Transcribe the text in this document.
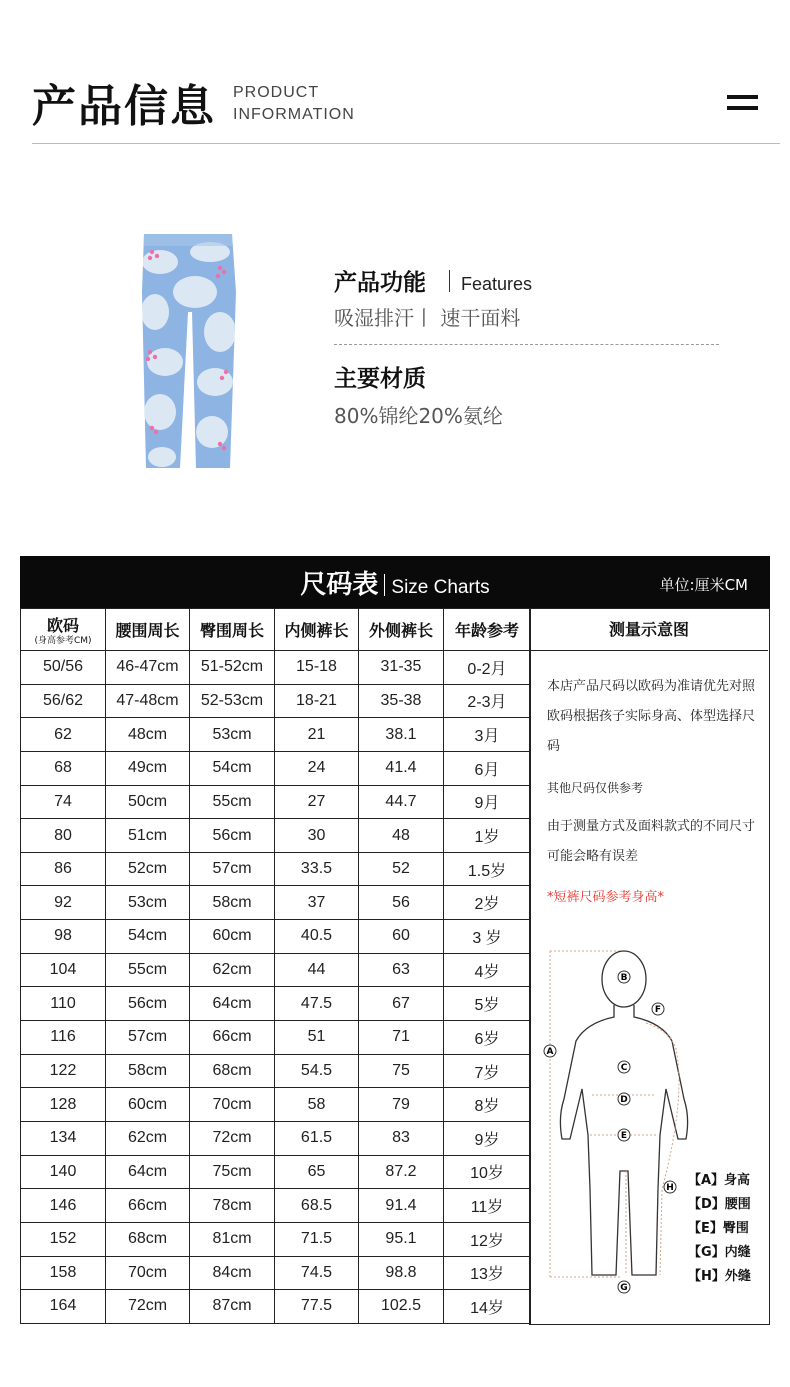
产品信息 PRODUCT
INFORMATION
产品功能 Features
吸湿排汗丨 速干面料
主要材质
80%锦纶20%氨纶
尺码表 Size Charts	单位:厘米CM
欧码
(身高参考CM)	腰围周长	臀围周长	内侧裤长	外侧裤长	年龄参考
50/56	46-47cm	51-52cm	15-18	31-35	0-2月
56/62	47-48cm	52-53cm	18-21	35-38	2-3月
62	48cm	53cm	21	38.1	3月
68	49cm	54cm	24	41.4	6月
74	50cm	55cm	27	44.7	9月
80	51cm	56cm	30	48	1岁
86	52cm	57cm	33.5	52	1.5岁
92	53cm	58cm	37	56	2岁
98	54cm	60cm	40.5	60	3 岁
104	55cm	62cm	44	63	4岁
110	56cm	64cm	47.5	67	5岁
116	57cm	66cm	51	71	6岁
122	58cm	68cm	54.5	75	7岁
128	60cm	70cm	58	79	8岁
134	62cm	72cm	61.5	83	9岁
140	64cm	75cm	65	87.2	10岁
146	66cm	78cm	68.5	91.4	11岁
152	68cm	81cm	71.5	95.1	12岁
158	70cm	84cm	74.5	98.8	13岁
164	72cm	87cm	77.5	102.5	14岁
测量示意图
本店产品尺码以欧码为准请优先对照欧码根据孩子实际身高、体型选择尺码
其他尺码仅供参考
由于测量方式及面料款式的不同尺寸可能会略有误差
*短裤尺码参考身高*
A
B
C
D
E
F
G
H 【A】身高
【D】腰围
【E】臀围
【G】内缝
【H】外缝
